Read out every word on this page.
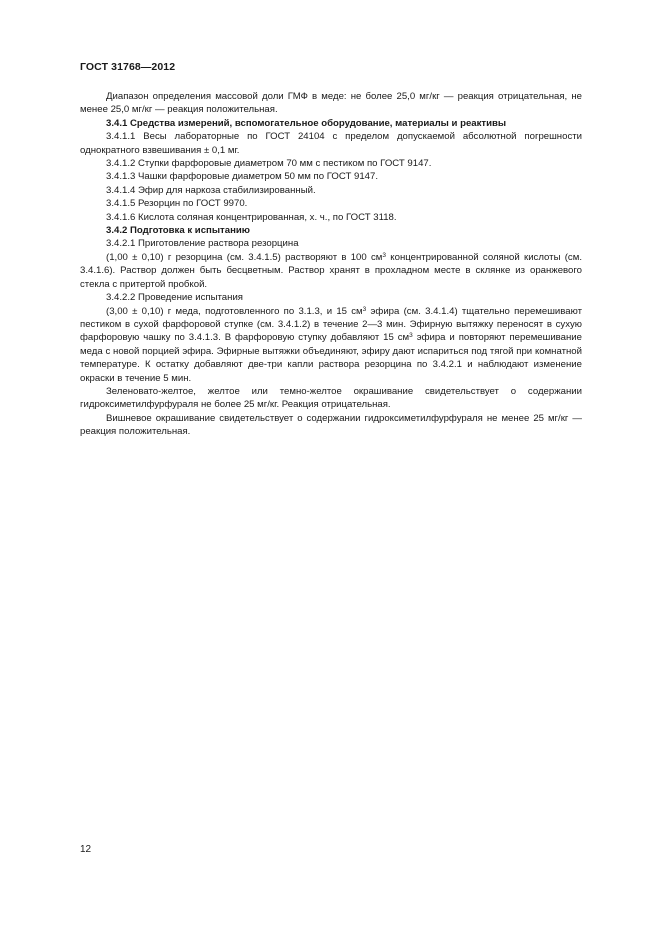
ГОСТ 31768—2012

Диапазон определения массовой доли ГМФ в меде: не более 25,0 мг/кг — реакция отрицательная, не менее 25,0 мг/кг — реакция положительная.

3.4.1 Средства измерений, вспомогательное оборудование, материалы и реактивы

3.4.1.1 Весы лабораторные по ГОСТ 24104 с пределом допускаемой абсолютной погрешности однократного взвешивания ± 0,1 мг.

3.4.1.2 Ступки фарфоровые диаметром 70 мм с пестиком по ГОСТ 9147.

3.4.1.3 Чашки фарфоровые диаметром 50 мм по ГОСТ 9147.

3.4.1.4 Эфир для наркоза стабилизированный.

3.4.1.5 Резорцин по ГОСТ 9970.

3.4.1.6 Кислота соляная концентрированная, х. ч., по ГОСТ 3118.

3.4.2 Подготовка к испытанию

3.4.2.1 Приготовление раствора резорцина

(1,00 ± 0,10) г резорцина (см. 3.4.1.5) растворяют в 100 $см^3$ концентрированной соляной кислоты (см. 3.4.1.6). Раствор должен быть бесцветным. Раствор хранят в прохладном месте в склянке из оранжевого стекла с притертой пробкой.

3.4.2.2 Проведение испытания

(3,00 ± 0,10) г меда, подготовленного по 3.1.3, и 15 $см^3$ эфира (см. 3.4.1.4) тщательно перемешивают пестиком в сухой фарфоровой ступке (см. 3.4.1.2) в течение 2—3 мин. Эфирную вытяжку переносят в сухую фарфоровую чашку по 3.4.1.3. В фарфоровую ступку добавляют 15 $см^3$ эфира и повторяют перемешивание меда с новой порцией эфира. Эфирные вытяжки объединяют, эфиру дают испариться под тягой при комнатной температуре. К остатку добавляют две-три капли раствора резорцина по 3.4.2.1 и наблюдают изменение окраски в течение 5 мин.

Зеленовато-желтое, желтое или темно-желтое окрашивание свидетельствует о содержании гидроксиметилфурфураля не более 25 мг/кг. Реакция отрицательная.

Вишневое окрашивание свидетельствует о содержании гидроксиметилфурфураля не менее 25 мг/кг — реакция положительная.

12
